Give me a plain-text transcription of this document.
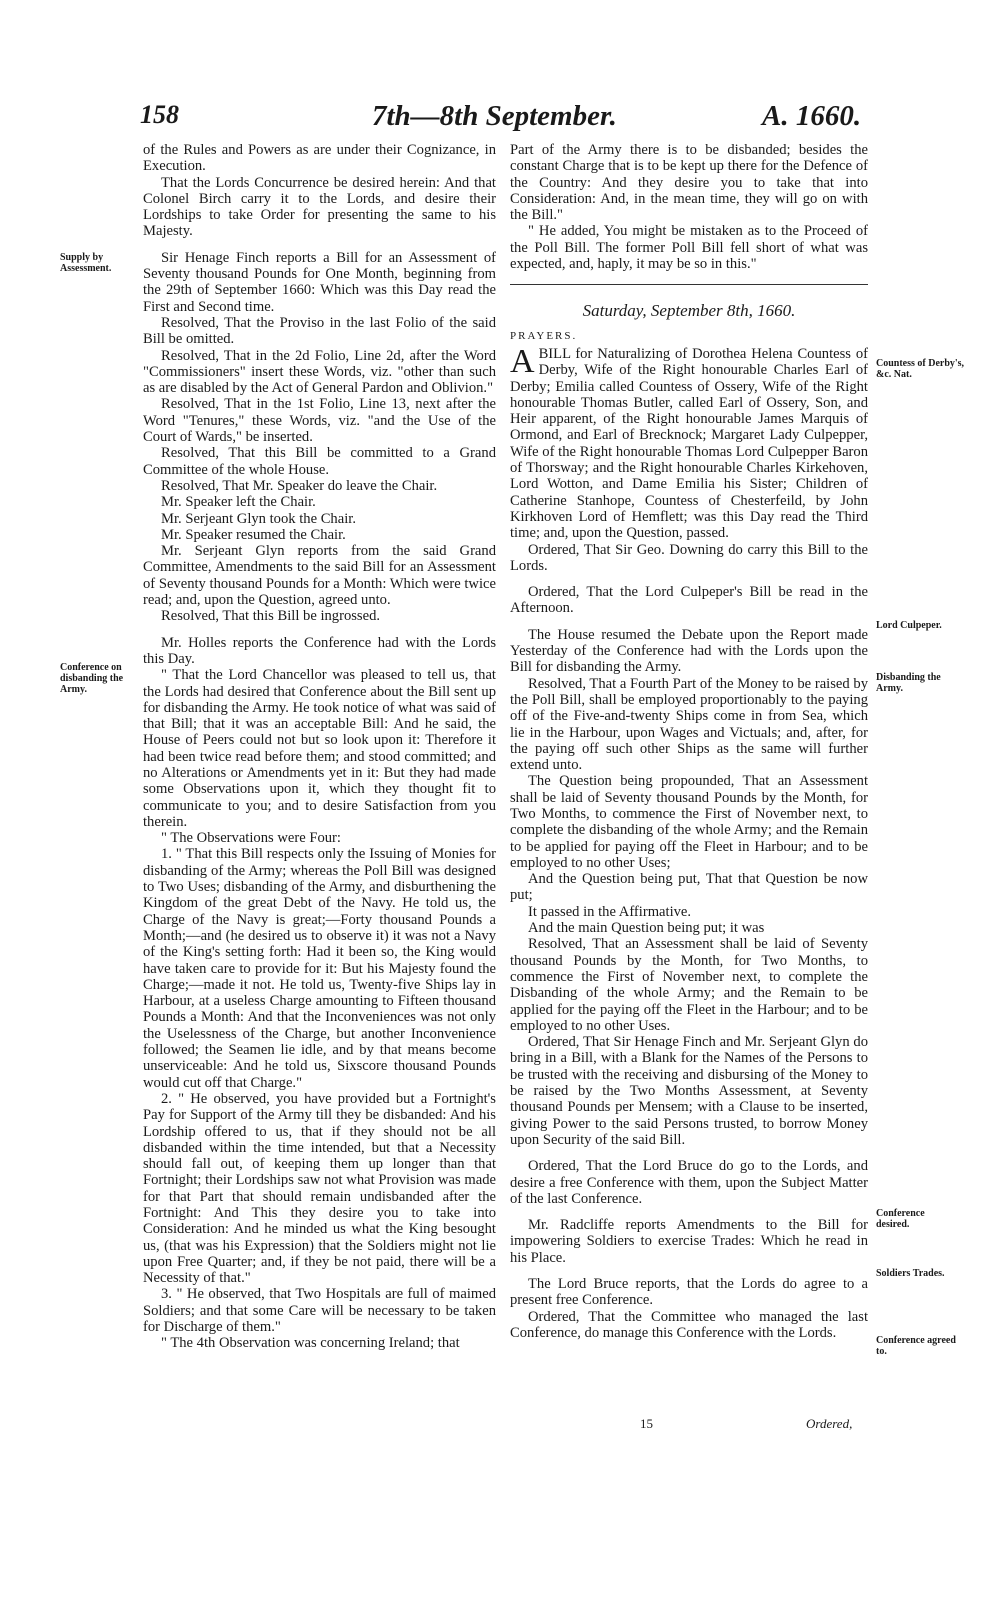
158	7th—8th September.	A. 1660.
Supply by Assessment.
Conference on disbanding the Army.

of the Rules and Powers as are under their Cognizance, in Execution.

That the Lords Concurrence be desired herein: And that Colonel Birch carry it to the Lords, and desire their Lordships to take Order for presenting the same to his Majesty.

Sir Henage Finch reports a Bill for an Assessment of Seventy thousand Pounds for One Month, beginning from the 29th of September 1660: Which was this Day read the First and Second time.

Resolved, That the Proviso in the last Folio of the said Bill be omitted.

Resolved, That in the 2d Folio, Line 2d, after the Word "Commissioners" insert these Words, viz. "other than such as are disabled by the Act of General Pardon and Oblivion."

Resolved, That in the 1st Folio, Line 13, next after the Word "Tenures," these Words, viz. "and the Use of the Court of Wards," be inserted.

Resolved, That this Bill be committed to a Grand Committee of the whole House.

Resolved, That Mr. Speaker do leave the Chair.

Mr. Speaker left the Chair.

Mr. Serjeant Glyn took the Chair.

Mr. Speaker resumed the Chair.

Mr. Serjeant Glyn reports from the said Grand Committee, Amendments to the said Bill for an Assessment of Seventy thousand Pounds for a Month: Which were twice read; and, upon the Question, agreed unto.

Resolved, That this Bill be ingrossed.

Mr. Holles reports the Conference had with the Lords this Day.

" That the Lord Chancellor was pleased to tell us, that the Lords had desired that Conference about the Bill sent up for disbanding the Army. He took notice of what was said of that Bill; that it was an acceptable Bill: And he said, the House of Peers could not but so look upon it: Therefore it had been twice read before them; and stood committed; and no Alterations or Amendments yet in it: But they had made some Observations upon it, which they thought fit to communicate to you; and to desire Satisfaction from you therein.

" The Observations were Four:

1. " That this Bill respects only the Issuing of Monies for disbanding of the Army; whereas the Poll Bill was designed to Two Uses; disbanding of the Army, and disburthening the Kingdom of the great Debt of the Navy. He told us, the Charge of the Navy is great;—Forty thousand Pounds a Month;—and (he desired us to observe it) it was not a Navy of the King's setting forth: Had it been so, the King would have taken care to provide for it: But his Majesty found the Charge;—made it not. He told us, Twenty-five Ships lay in Harbour, at a useless Charge amounting to Fifteen thousand Pounds a Month: And that the Inconveniences was not only the Uselessness of the Charge, but another Inconvenience followed; the Seamen lie idle, and by that means become unserviceable: And he told us, Sixscore thousand Pounds would cut off that Charge."

2. " He observed, you have provided but a Fortnight's Pay for Support of the Army till they be disbanded: And his Lordship offered to us, that if they should not be all disbanded within the time intended, but that a Necessity should fall out, of keeping them up longer than that Fortnight; their Lordships saw not what Provision was made for that Part that should remain undisbanded after the Fortnight: And This they desire you to take into Consideration: And he minded us what the King besought us, (that was his Expression) that the Soldiers might not lie upon Free Quarter; and, if they be not paid, there will be a Necessity of that."

3. " He observed, that Two Hospitals are full of maimed Soldiers; and that some Care will be necessary to be taken for Discharge of them."

" The 4th Observation was concerning Ireland; that

Part of the Army there is to be disbanded; besides the constant Charge that is to be kept up there for the Defence of the Country: And they desire you to take that into Consideration: And, in the mean time, they will go on with the Bill."

" He added, You might be mistaken as to the Proceed of the Poll Bill. The former Poll Bill fell short of what was expected, and, haply, it may be so in this."

Saturday, September 8th, 1660.
PRAYERS.

ABILL for Naturalizing of Dorothea Helena Countess of Derby, Wife of the Right honourable Charles Earl of Derby; Emilia called Countess of Ossery, Wife of the Right honourable Thomas Butler, called Earl of Ossery, Son, and Heir apparent, of the Right honourable James Marquis of Ormond, and Earl of Brecknock; Margaret Lady Culpepper, Wife of the Right honourable Thomas Lord Culpepper Baron of Thorsway; and the Right honourable Charles Kirkehoven, Lord Wotton, and Dame Emilia his Sister; Children of Catherine Stanhope, Countess of Chesterfeild, by John Kirkhoven Lord of Hemflett; was this Day read the Third time; and, upon the Question, passed.

Ordered, That Sir Geo. Downing do carry this Bill to the Lords.

Ordered, That the Lord Culpeper's Bill be read in the Afternoon.

The House resumed the Debate upon the Report made Yesterday of the Conference had with the Lords upon the Bill for disbanding the Army.

Resolved, That a Fourth Part of the Money to be raised by the Poll Bill, shall be employed proportionably to the paying off of the Five-and-twenty Ships come in from Sea, which lie in the Harbour, upon Wages and Victuals; and, after, for the paying off such other Ships as the same will further extend unto.

The Question being propounded, That an Assessment shall be laid of Seventy thousand Pounds by the Month, for Two Months, to commence the First of November next, to complete the disbanding of the whole Army; and the Remain to be applied for paying off the Fleet in Harbour; and to be employed to no other Uses;

And the Question being put, That that Question be now put;

It passed in the Affirmative.

And the main Question being put; it was

Resolved, That an Assessment shall be laid of Seventy thousand Pounds by the Month, for Two Months, to commence the First of November next, to complete the Disbanding of the whole Army; and the Remain to be applied for the paying off the Fleet in the Harbour; and to be employed to no other Uses.

Ordered, That Sir Henage Finch and Mr. Serjeant Glyn do bring in a Bill, with a Blank for the Names of the Persons to be trusted with the receiving and disbursing of the Money to be raised by the Two Months Assessment, at Seventy thousand Pounds per Mensem; with a Clause to be inserted, giving Power to the said Persons trusted, to borrow Money upon Security of the said Bill.

Ordered, That the Lord Bruce do go to the Lords, and desire a free Conference with them, upon the Subject Matter of the last Conference.

Mr. Radcliffe reports Amendments to the Bill for impowering Soldiers to exercise Trades: Which he read in his Place.

The Lord Bruce reports, that the Lords do agree to a present free Conference.

Ordered, That the Committee who managed the last Conference, do manage this Conference with the Lords.

Countess of Derby's, &c. Nat.
Lord Culpeper.
Disbanding the Army.
Conference desired.
Soldiers Trades.
Conference agreed to.
15	Ordered,
